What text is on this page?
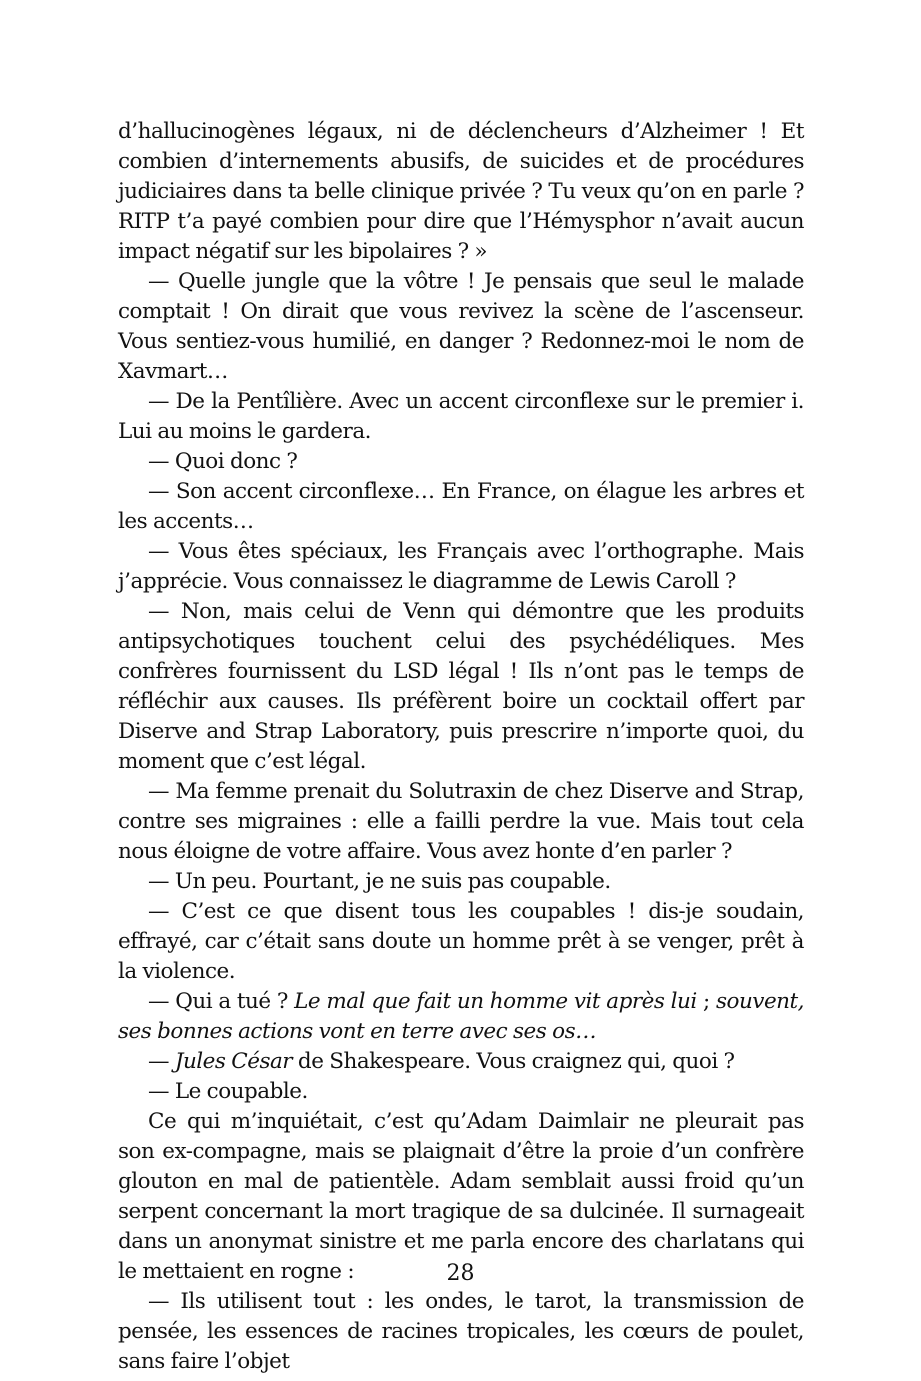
d’hallucinogènes légaux, ni de déclencheurs d’Alzheimer ! Et combien d’internements abusifs, de suicides et de procédures judiciaires dans ta belle clinique privée ? Tu veux qu’on en parle ? RITP t’a payé combien pour dire que l’Hémysphor n’avait aucun impact négatif sur les bipolaires ? »

— Quelle jungle que la vôtre ! Je pensais que seul le malade comptait ! On dirait que vous revivez la scène de l’ascenseur. Vous sentiez-vous humilié, en danger ? Redonnez-moi le nom de Xavmart…

— De la Pentîlière. Avec un accent circonflexe sur le premier i. Lui au moins le gardera.

— Quoi donc ?

— Son accent circonflexe… En France, on élague les arbres et les accents…

— Vous êtes spéciaux, les Français avec l’orthographe. Mais j’apprécie. Vous connaissez le diagramme de Lewis Caroll ?

— Non, mais celui de Venn qui démontre que les produits antipsychotiques touchent celui des psychédéliques. Mes confrères fournissent du LSD légal ! Ils n’ont pas le temps de réfléchir aux causes. Ils préfèrent boire un cocktail offert par Diserve and Strap Laboratory, puis prescrire n’importe quoi, du moment que c’est légal.

— Ma femme prenait du Solutraxin de chez Diserve and Strap, contre ses migraines : elle a failli perdre la vue. Mais tout cela nous éloigne de votre affaire. Vous avez honte d’en parler ?

— Un peu. Pourtant, je ne suis pas coupable.

— C’est ce que disent tous les coupables ! dis-je soudain, effrayé, car c’était sans doute un homme prêt à se venger, prêt à la violence.

— Qui a tué ? Le mal que fait un homme vit après lui ; souvent, ses bonnes actions vont en terre avec ses os…

— Jules César de Shakespeare. Vous craignez qui, quoi ?

— Le coupable.

Ce qui m’inquiétait, c’est qu’Adam Daimlair ne pleurait pas son ex-compagne, mais se plaignait d’être la proie d’un confrère glouton en mal de patientèle. Adam semblait aussi froid qu’un serpent concernant la mort tragique de sa dulcinée. Il surnageait dans un anonymat sinistre et me parla encore des charlatans qui le mettaient en rogne :

— Ils utilisent tout : les ondes, le tarot, la transmission de pensée, les essences de racines tropicales, les cœurs de poulet, sans faire l’objet

28
